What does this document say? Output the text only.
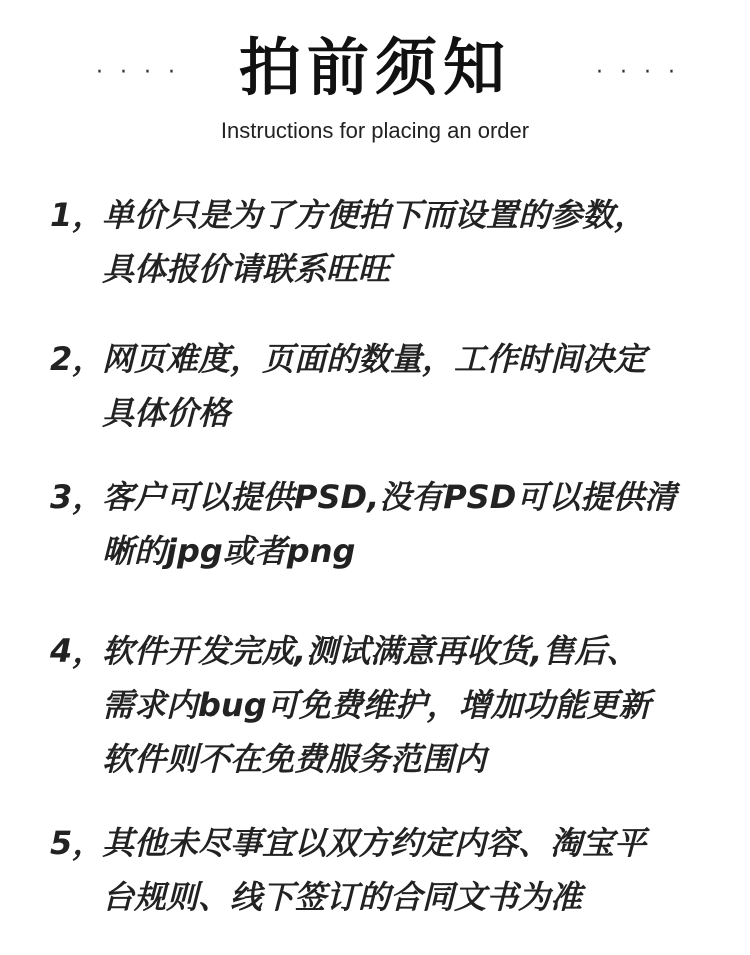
· · · · 拍前须知	· · · ·
Instructions for placing an order
1，
单价只是为了方便拍下而设置的参数，
具体报价请联系旺旺
2，
网页难度，页面的数量，工作时间决定
具体价格
3，
客户可以提供PSD,没有PSD可以提供清
晰的jpg或者png
4，
软件开发完成,测试满意再收货,售后、
需求内bug可免费维护，增加功能更新
软件则不在免费服务范围内
5，
其他未尽事宜以双方约定内容、淘宝平
台规则、线下签订的合同文书为准
